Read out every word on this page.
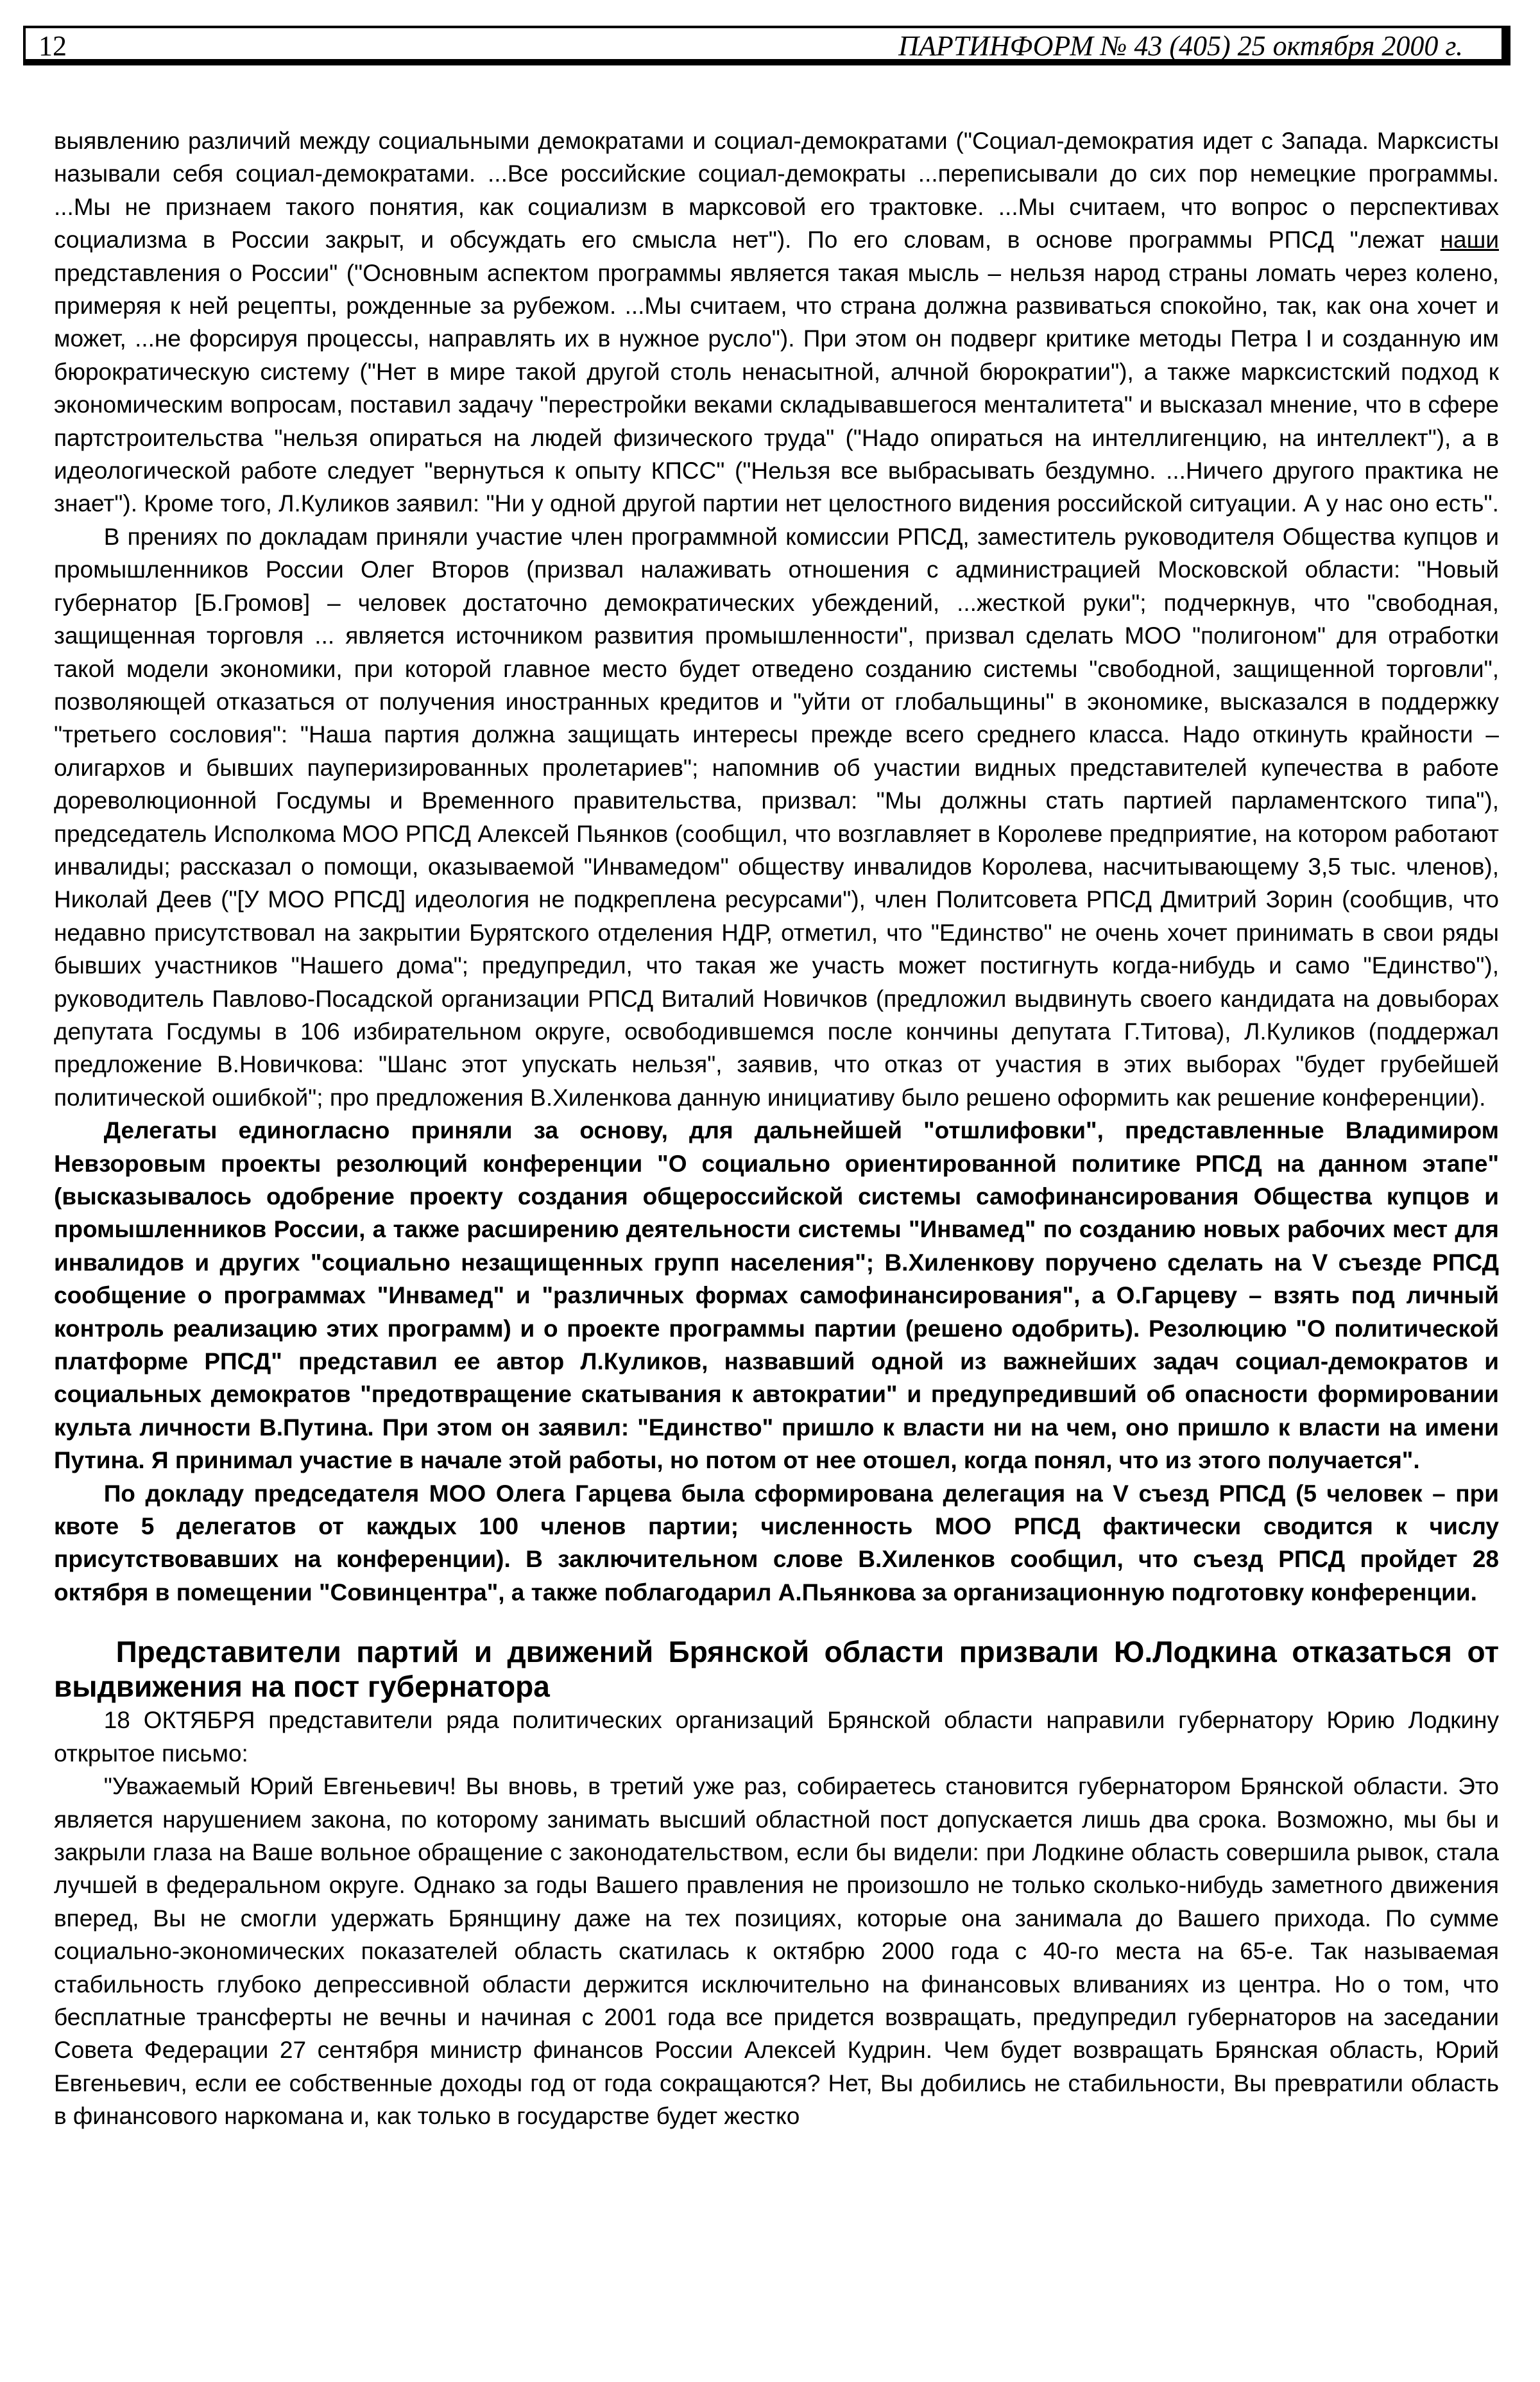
12	ПАРТИНФОРМ № 43 (405) 25 октября 2000 г.

выявлению различий между социальными демократами и социал-демократами ("Социал-демократия идет с Запада. Марксисты называли себя социал-демократами. ...Все российские социал-демократы ...переписывали до сих пор немецкие программы. ...Мы не признаем такого понятия, как социализм в марксовой его трактовке. ...Мы считаем, что вопрос о перспективах социализма в России закрыт, и обсуждать его смысла нет"). По его словам, в основе программы РПСД "лежат наши представления о России" ("Основным аспектом программы является такая мысль – нельзя народ страны ломать через колено, примеряя к ней рецепты, рожденные за рубежом. ...Мы считаем, что страна должна развиваться спокойно, так, как она хочет и может, ...не форсируя процессы, направлять их в нужное русло"). При этом он подверг критике методы Петра I и созданную им бюрократическую систему ("Нет в мире такой другой столь ненасытной, алчной бюрократии"), а также марксистский подход к экономическим вопросам, поставил задачу "перестройки веками складывавшегося менталитета" и высказал мнение, что в сфере партстроительства "нельзя опираться на людей физического труда" ("Надо опираться на интеллигенцию, на интеллект"), а в идеологической работе следует "вернуться к опыту КПСС" ("Нельзя все выбрасывать бездумно. ...Ничего другого практика не знает"). Кроме того, Л.Куликов заявил: "Ни у одной другой партии нет целостного видения российской ситуации. А у нас оно есть".

В прениях по докладам приняли участие член программной комиссии РПСД, заместитель руководителя Общества купцов и промышленников России Олег Второв (призвал налаживать отношения с администрацией Московской области: "Новый губернатор [Б.Громов] – человек достаточно демократических убеждений, ...жесткой руки"; подчеркнув, что "свободная, защищенная торговля ... является источником развития промышленности", призвал сделать МОО "полигоном" для отработки такой модели экономики, при которой главное место будет отведено созданию системы "свободной, защищенной торговли", позволяющей отказаться от получения иностранных кредитов и "уйти от глобальщины" в экономике, высказался в поддержку "третьего сословия": "Наша партия должна защищать интересы прежде всего среднего класса. Надо откинуть крайности – олигархов и бывших пауперизированных пролетариев"; напомнив об участии видных представителей купечества в работе дореволюционной Госдумы и Временного правительства, призвал: "Мы должны стать партией парламентского типа"), председатель Исполкома МОО РПСД Алексей Пьянков (сообщил, что возглавляет в Королеве предприятие, на котором работают инвалиды; рассказал о помощи, оказываемой "Инвамедом" обществу инвалидов Королева, насчитывающему 3,5 тыс. членов), Николай Деев ("[У МОО РПСД] идеология не подкреплена ресурсами"), член Политсовета РПСД Дмитрий Зорин (сообщив, что недавно присутствовал на закрытии Бурятского отделения НДР, отметил, что "Единство" не очень хочет принимать в свои ряды бывших участников "Нашего дома"; предупредил, что такая же участь может постигнуть когда-нибудь и само "Единство"), руководитель Павлово-Посадской организации РПСД Виталий Новичков (предложил выдвинуть своего кандидата на довыборах депутата Госдумы в 106 избирательном округе, освободившемся после кончины депутата Г.Титова), Л.Куликов (поддержал предложение В.Новичкова: "Шанс этот упускать нельзя", заявив, что отказ от участия в этих выборах "будет грубейшей политической ошибкой"; про предложения В.Хиленкова данную инициативу было решено оформить как решение конференции).

Делегаты единогласно приняли за основу, для дальнейшей "отшлифовки", представленные Владимиром Невзоровым проекты резолюций конференции "О социально ориентированной политике РПСД на данном этапе" (высказывалось одобрение проекту создания общероссийской системы самофинансирования Общества купцов и промышленников России, а также расширению деятельности системы "Инвамед" по созданию новых рабочих мест для инвалидов и других "социально незащищенных групп населения"; В.Хиленкову поручено сделать на V съезде РПСД сообщение о программах "Инвамед" и "различных формах самофинансирования", а О.Гарцеву – взять под личный контроль реализацию этих программ) и о проекте программы партии (решено одобрить). Резолюцию "О политической платформе РПСД" представил ее автор Л.Куликов, назвавший одной из важнейших задач социал-демократов и социальных демократов "предотвращение скатывания к автократии" и предупредивший об опасности формировании культа личности В.Путина. При этом он заявил: "Единство" пришло к власти ни на чем, оно пришло к власти на имени Путина. Я принимал участие в начале этой работы, но потом от нее отошел, когда понял, что из этого получается".

По докладу председателя МОО Олега Гарцева была сформирована делегация на V съезд РПСД (5 человек – при квоте 5 делегатов от каждых 100 членов партии; численность МОО РПСД фактически сводится к числу присутствовавших на конференции). В заключительном слове В.Хиленков сообщил, что съезд РПСД пройдет 28 октября в помещении "Совинцентра", а также поблагодарил А.Пьянкова за организационную подготовку конференции.

Представители партий и движений Брянской области призвали Ю.Лодкина отказаться от выдвижения на пост губернатора

18 ОКТЯБРЯ представители ряда политических организаций Брянской области направили губернатору Юрию Лодкину открытое письмо:

"Уважаемый Юрий Евгеньевич! Вы вновь, в третий уже раз, собираетесь становится губернатором Брянской области. Это является нарушением закона, по которому занимать высший областной пост допускается лишь два срока. Возможно, мы бы и закрыли глаза на Ваше вольное обращение с законодательством, если бы видели: при Лодкине область совершила рывок, стала лучшей в федеральном округе. Однако за годы Вашего правления не произошло не только сколько-нибудь заметного движения вперед, Вы не смогли удержать Брянщину даже на тех позициях, которые она занимала до Вашего прихода. По сумме социально-экономических показателей область скатилась к октябрю 2000 года с 40-го места на 65-е. Так называемая стабильность глубоко депрессивной области держится исключительно на финансовых вливаниях из центра. Но о том, что бесплатные трансферты не вечны и начиная с 2001 года все придется возвращать, предупредил губернаторов на заседании Совета Федерации 27 сентября министр финансов России Алексей Кудрин. Чем будет возвращать Брянская область, Юрий Евгеньевич, если ее собственные доходы год от года сокращаются? Нет, Вы добились не стабильности, Вы превратили область в финансового наркомана и, как только в государстве будет жестко
